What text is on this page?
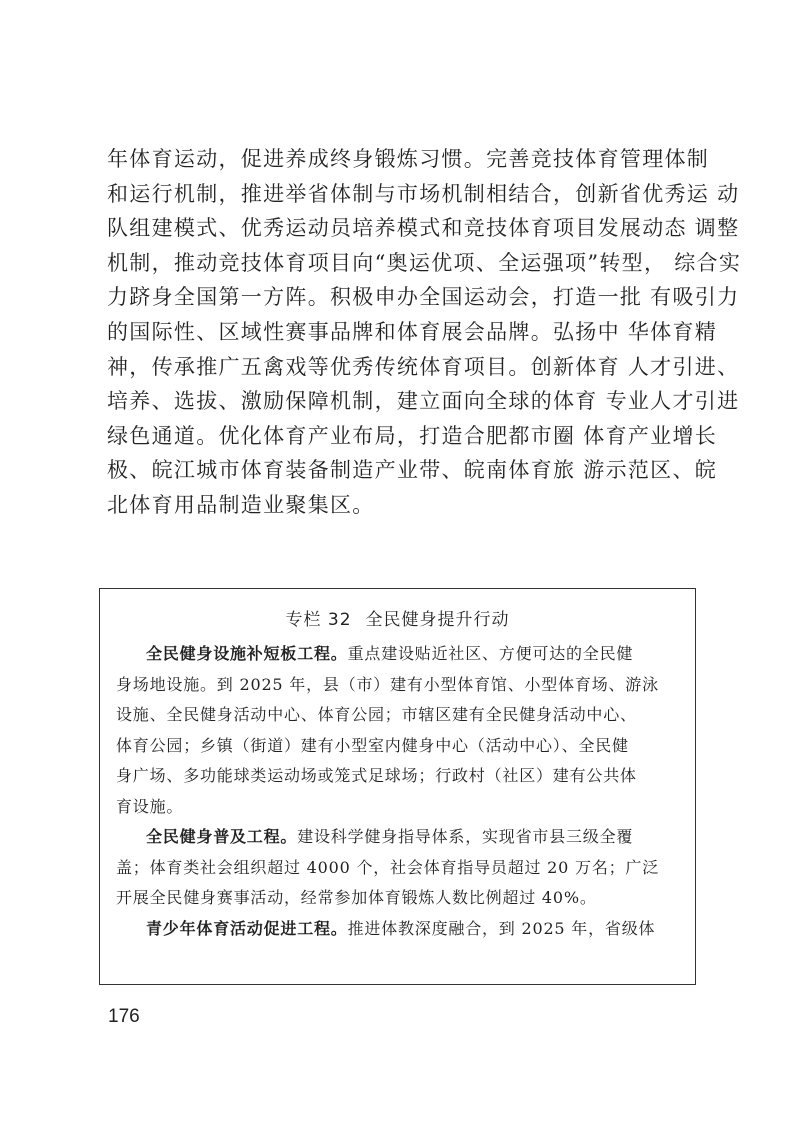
年体育运动，促进养成终身锻炼习惯。完善竞技体育管理体制
和运行机制，推进举省体制与市场机制相结合，创新省优秀运 动
队组建模式、优秀运动员培养模式和竞技体育项目发展动态 调整
机制，推动竞技体育项目向“奥运优项、全运强项”转型， 综合实
力跻身全国第一方阵。积极申办全国运动会，打造一批 有吸引力
的国际性、区域性赛事品牌和体育展会品牌。弘扬中 华体育精
神，传承推广五禽戏等优秀传统体育项目。创新体育 人才引进、
培养、选拔、激励保障机制，建立面向全球的体育 专业人才引进
绿色通道。优化体育产业布局，打造合肥都市圈 体育产业增长
极、皖江城市体育装备制造产业带、皖南体育旅 游示范区、皖
北体育用品制造业聚集区。
专栏 32 全民健身提升行动
全民健身设施补短板工程。重点建设贴近社区、方便可达的全民健
身场地设施。到 2025 年，县（市）建有小型体育馆、小型体育场、游泳
设施、全民健身活动中心、体育公园；市辖区建有全民健身活动中心、
体育公园；乡镇（街道）建有小型室内健身中心（活动中心）、全民健
身广场、多功能球类运动场或笼式足球场；行政村（社区）建有公共体
育设施。
全民健身普及工程。建设科学健身指导体系，实现省市县三级全覆
盖；体育类社会组织超过 4000 个，社会体育指导员超过 20 万名；广泛
开展全民健身赛事活动，经常参加体育锻炼人数比例超过 40%。
青少年体育活动促进工程。推进体教深度融合，到 2025 年，省级体
176
